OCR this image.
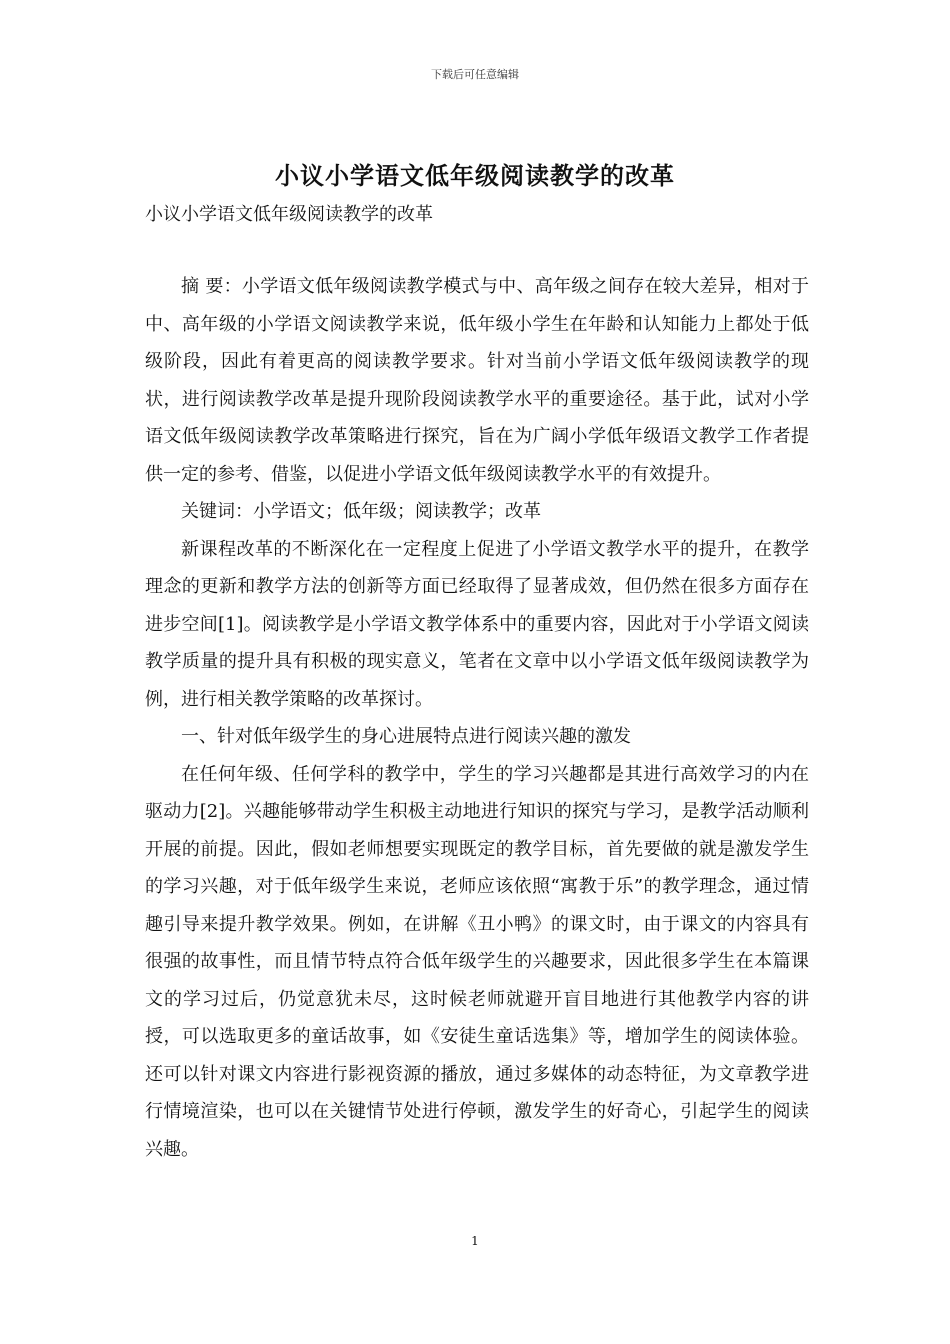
下载后可任意编辑
小议小学语文低年级阅读教学的改革
小议小学语文低年级阅读教学的改革

摘 要：小学语文低年级阅读教学模式与中、高年级之间存在较大差异，相对于中、高年级的小学语文阅读教学来说，低年级小学生在年龄和认知能力上都处于低级阶段，因此有着更高的阅读教学要求。针对当前小学语文低年级阅读教学的现状，进行阅读教学改革是提升现阶段阅读教学水平的重要途径。基于此，试对小学语文低年级阅读教学改革策略进行探究，旨在为广阔小学低年级语文教学工作者提供一定的参考、借鉴，以促进小学语文低年级阅读教学水平的有效提升。

关键词：小学语文；低年级；阅读教学；改革

新课程改革的不断深化在一定程度上促进了小学语文教学水平的提升，在教学理念的更新和教学方法的创新等方面已经取得了显著成效，但仍然在很多方面存在进步空间[1]。阅读教学是小学语文教学体系中的重要内容，因此对于小学语文阅读教学质量的提升具有积极的现实意义，笔者在文章中以小学语文低年级阅读教学为例，进行相关教学策略的改革探讨。

一、针对低年级学生的身心进展特点进行阅读兴趣的激发

在任何年级、任何学科的教学中，学生的学习兴趣都是其进行高效学习的内在驱动力[2]。兴趣能够带动学生积极主动地进行知识的探究与学习，是教学活动顺利开展的前提。因此，假如老师想要实现既定的教学目标，首先要做的就是激发学生的学习兴趣，对于低年级学生来说，老师应该依照“寓教于乐”的教学理念，通过情趣引导来提升教学效果。例如，在讲解《丑小鸭》的课文时，由于课文的内容具有很强的故事性，而且情节特点符合低年级学生的兴趣要求，因此很多学生在本篇课文的学习过后，仍觉意犹未尽，这时候老师就避开盲目地进行其他教学内容的讲授，可以选取更多的童话故事，如《安徒生童话选集》等，增加学生的阅读体验。还可以针对课文内容进行影视资源的播放，通过多媒体的动态特征，为文章教学进行情境渲染，也可以在关键情节处进行停顿，激发学生的好奇心，引起学生的阅读兴趣。

1
